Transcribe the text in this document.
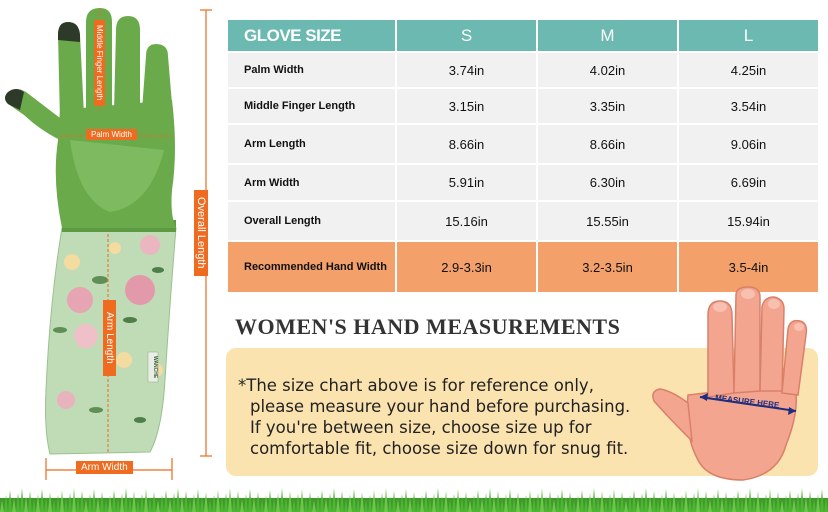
Middle Finger Length
Palm Width
Overall Length
Arm Length
Arm Width
WANCHE
GLOVE SIZE	S	M	L
Palm Width	3.74in	4.02in	4.25in
Middle Finger Length	3.15in	3.35in	3.54in
Arm Length	8.66in	8.66in	9.06in
Arm Width	5.91in	6.30in	6.69in
Overall Length	15.16in	15.55in	15.94in
Recommended Hand Width	2.9-3.3in	3.2-3.5in	3.5-4in
WOMEN'S HAND MEASUREMENTS
*The size chart above is for reference only,
please measure your hand before purchasing.
If you're between size, choose size up for
comfortable fit, choose size down for snug fit.
MEASURE HERE
